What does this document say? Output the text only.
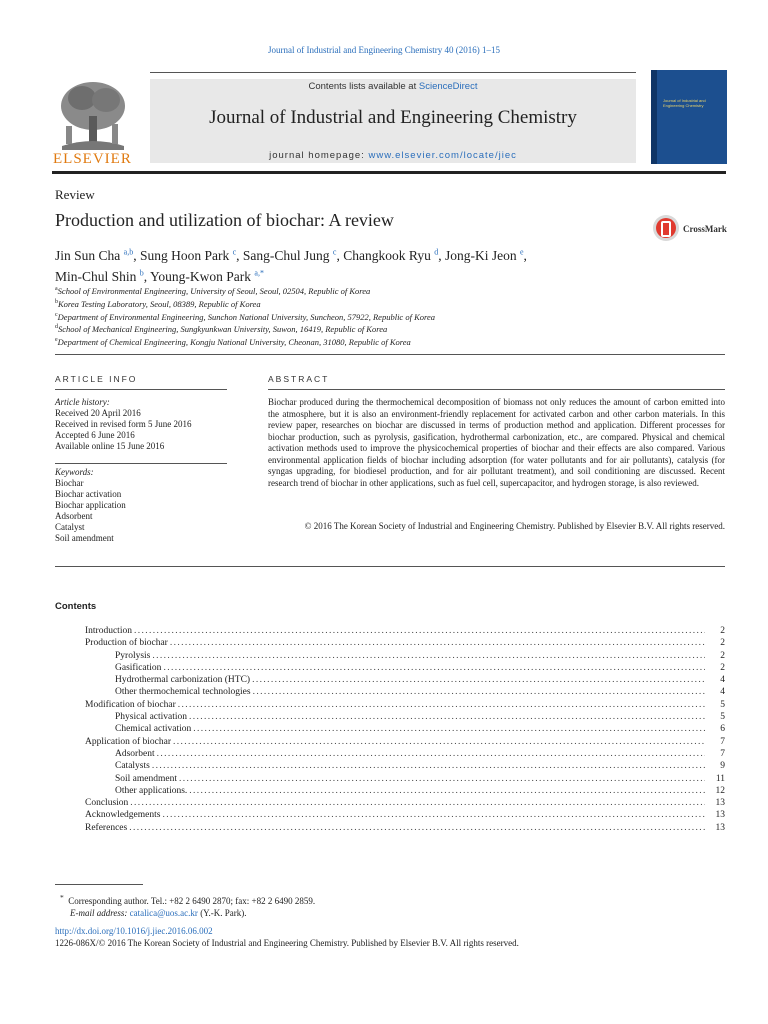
Journal of Industrial and Engineering Chemistry 40 (2016) 1–15
ELSEVIER
Contents lists available at ScienceDirect
Journal of Industrial and Engineering Chemistry
journal homepage: www.elsevier.com/locate/jiec
Journal of Industrial and Engineering Chemistry
Review
Production and utilization of biochar: A review	CrossMark
Jin Sun Cha $^{a,b}$, Sung Hoon Park $^c$, Sang-Chul Jung $^c$, Changkook Ryu $^d$, Jong-Ki Jeon $^e$,
Min-Chul Shin $^b$, Young-Kwon Park $^{a,*}$
$^a$School of Environmental Engineering, University of Seoul, Seoul, 02504, Republic of Korea
$^b$Korea Testing Laboratory, Seoul, 08389, Republic of Korea
$^c$Department of Environmental Engineering, Sunchon National University, Suncheon, 57922, Republic of Korea
$^d$School of Mechanical Engineering, Sungkyunkwan University, Suwon, 16419, Republic of Korea
$^e$Department of Chemical Engineering, Kongju National University, Cheonan, 31080, Republic of Korea
ARTICLE INFO
Article history:
Received 20 April 2016
Received in revised form 5 June 2016
Accepted 6 June 2016
Available online 15 June 2016
Keywords:
Biochar
Biochar activation
Biochar application
Adsorbent
Catalyst
Soil amendment
ABSTRACT
Biochar produced during the thermochemical decomposition of biomass not only reduces the amount of carbon emitted into the atmosphere, but it is also an environment-friendly replacement for activated carbon and other carbon materials. In this review paper, researches on biochar are discussed in terms of production method and application. Different processes for biochar production, such as pyrolysis, gasification, hydrothermal carbonization, etc., are compared. Physical and chemical activation methods used to improve the physicochemical properties of biochar and their effects are also compared. Various environmental application fields of biochar including adsorption (for water pollutants and for air pollutants), catalysis (for syngas upgrading, for biodiesel production, and for air pollutant treatment), and soil conditioning are discussed. Recent research trend of biochar in other applications, such as fuel cell, supercapacitor, and hydrogen storage, is also reviewed.
© 2016 The Korean Society of Industrial and Engineering Chemistry. Published by Elsevier B.V. All rights reserved.
Contents
Introduction . . .	2
Production of biochar . . .	2
Pyrolysis . . .	2
Gasification . . .	2
Hydrothermal carbonization (HTC) . . .	4
Other thermochemical technologies . . .	4
Modification of biochar . . .	5
Physical activation . . .	5
Chemical activation . . .	6
Application of biochar . . .	7
Adsorbent . . .	7
Catalysts . . .	9
Soil amendment . . .	11
Other applications. . . .	12
Conclusion . . .	13
Acknowledgements . . .	13
References . . .	13
* Corresponding author. Tel.: +82 2 6490 2870; fax: +82 2 6490 2859.
E-mail address: catalica@uos.ac.kr (Y.-K. Park).
http://dx.doi.org/10.1016/j.jiec.2016.06.002
1226-086X/© 2016 The Korean Society of Industrial and Engineering Chemistry. Published by Elsevier B.V. All rights reserved.
